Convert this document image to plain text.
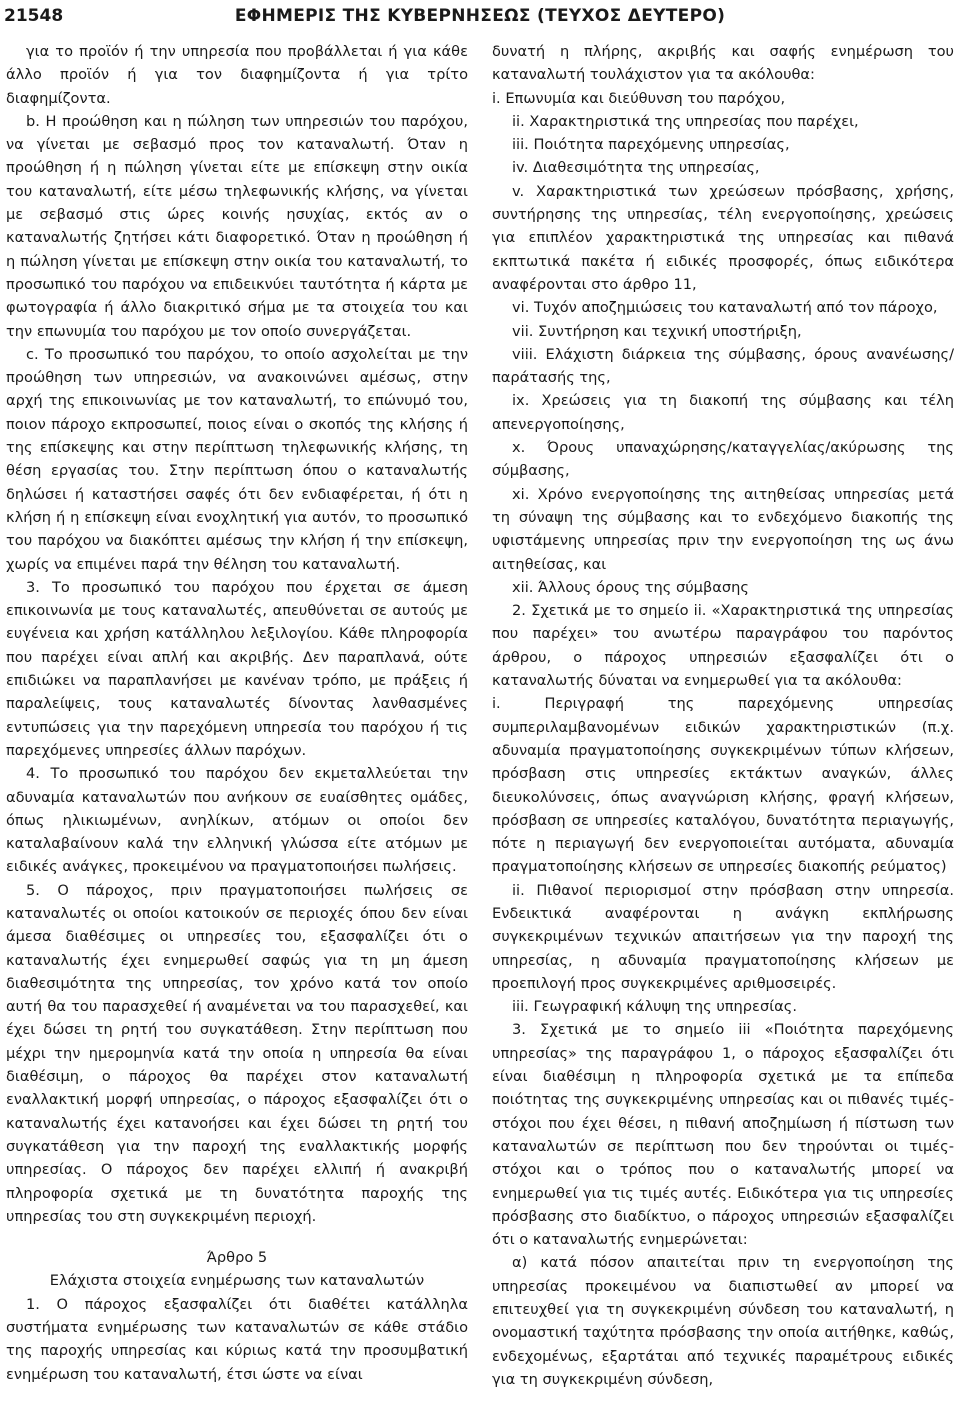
21548	ΕΦΗΜΕΡΙΣ ΤΗΣ ΚΥΒΕΡΝΗΣΕΩΣ (ΤΕΥΧΟΣ ΔΕΥΤΕΡΟ)

για το προϊόν ή την υπηρεσία που προβάλλεται ή για κάθε άλλο προϊόν ή για τον διαφημίζοντα ή για τρίτο διαφημίζοντα.

b. Η προώθηση και η πώληση των υπηρεσιών του παρόχου, να γίνεται με σεβασμό προς τον καταναλωτή. Όταν η προώθηση ή η πώληση γίνεται είτε με επίσκεψη στην οικία του καταναλωτή, είτε μέσω τηλεφωνικής κλήσης, να γίνεται με σεβασμό στις ώρες κοινής ησυχίας, εκτός αν ο καταναλωτής ζητήσει κάτι διαφορετικό. Όταν η προώθηση ή η πώληση γίνεται με επίσκεψη στην οικία του καταναλωτή, το προσωπικό του παρόχου να επιδεικνύει ταυτότητα ή κάρτα με φωτογραφία ή άλλο διακριτικό σήμα με τα στοιχεία του και την επωνυμία του παρόχου με τον οποίο συνεργάζεται.

c. Το προσωπικό του παρόχου, το οποίο ασχολείται με την προώθηση των υπηρεσιών, να ανακοινώνει αμέσως, στην αρχή της επικοινωνίας με τον καταναλωτή, το επώνυμό του, ποιον πάροχο εκπροσωπεί, ποιος είναι ο σκοπός της κλήσης ή της επίσκεψης και στην περίπτωση τηλεφωνικής κλήσης, τη θέση εργασίας του. Στην περίπτωση όπου ο καταναλωτής δηλώσει ή καταστήσει σαφές ότι δεν ενδιαφέρεται, ή ότι η κλήση ή η επίσκεψη είναι ενοχλητική για αυτόν, το προσωπικό του παρόχου να διακόπτει αμέσως την κλήση ή την επίσκεψη, χωρίς να επιμένει παρά την θέληση του καταναλωτή.

3. Το προσωπικό του παρόχου που έρχεται σε άμεση επικοινωνία με τους καταναλωτές, απευθύνεται σε αυτούς με ευγένεια και χρήση κατάλληλου λεξιλογίου. Κάθε πληροφορία που παρέχει είναι απλή και ακριβής. Δεν παραπλανά, ούτε επιδιώκει να παραπλανήσει με κανέναν τρόπο, με πράξεις ή παραλείψεις, τους καταναλωτές δίνοντας λανθασμένες εντυπώσεις για την παρεχόμενη υπηρεσία του παρόχου ή τις παρεχόμενες υπηρεσίες άλλων παρόχων.

4. Το προσωπικό του παρόχου δεν εκμεταλλεύεται την αδυναμία καταναλωτών που ανήκουν σε ευαίσθητες ομάδες, όπως ηλικιωμένων, ανηλίκων, ατόμων οι οποίοι δεν καταλαβαίνουν καλά την ελληνική γλώσσα είτε ατόμων με ειδικές ανάγκες, προκειμένου να πραγματοποιήσει πωλήσεις.

5. Ο πάροχος, πριν πραγματοποιήσει πωλήσεις σε καταναλωτές οι οποίοι κατοικούν σε περιοχές όπου δεν είναι άμεσα διαθέσιμες οι υπηρεσίες του, εξασφαλίζει ότι ο καταναλωτής έχει ενημερωθεί σαφώς για τη μη άμεση διαθεσιμότητα της υπηρεσίας, τον χρόνο κατά τον οποίο αυτή θα του παρασχεθεί ή αναμένεται να του παρασχεθεί, και έχει δώσει τη ρητή του συγκατάθεση. Στην περίπτωση που μέχρι την ημερομηνία κατά την οποία η υπηρεσία θα είναι διαθέσιμη, ο πάροχος θα παρέχει στον καταναλωτή εναλλακτική μορφή υπηρεσίας, ο πάροχος εξασφαλίζει ότι ο καταναλωτής έχει κατανοήσει και έχει δώσει τη ρητή του συγκατάθεση για την παροχή της εναλλακτικής μορφής υπηρεσίας. Ο πάροχος δεν παρέχει ελλιπή ή ανακριβή πληροφορία σχετικά με τη δυνατότητα παροχής της υπηρεσίας του στη συγκεκριμένη περιοχή.

Άρθρο 5

Ελάχιστα στοιχεία ενημέρωσης των καταναλωτών

1. Ο πάροχος εξασφαλίζει ότι διαθέτει κατάλληλα συστήματα ενημέρωσης των καταναλωτών σε κάθε στάδιο της παροχής υπηρεσίας και κύριως κατά την προσυμβατική ενημέρωση του καταναλωτή, έτσι ώστε να είναι

δυνατή η πλήρης, ακριβής και σαφής ενημέρωση του καταναλωτή τουλάχιστον για τα ακόλουθα:

i. Επωνυμία και διεύθυνση του παρόχου,

ii. Χαρακτηριστικά της υπηρεσίας που παρέχει,

iii. Ποιότητα παρεχόμενης υπηρεσίας,

iv. Διαθεσιμότητα της υπηρεσίας,

v. Χαρακτηριστικά των χρεώσεων πρόσβασης, χρήσης, συντήρησης της υπηρεσίας, τέλη ενεργοποίησης, χρεώσεις για επιπλέον χαρακτηριστικά της υπηρεσίας και πιθανά εκπτωτικά πακέτα ή ειδικές προσφορές, όπως ειδικότερα αναφέρονται στο άρθρο 11,

vi. Τυχόν αποζημιώσεις του καταναλωτή από τον πάροχο,

vii. Συντήρηση και τεχνική υποστήριξη,

viii. Ελάχιστη διάρκεια της σύμβασης, όρους ανανέωσης/παράτασής της,

ix. Χρεώσεις για τη διακοπή της σύμβασης και τέλη απενεργοποίησης,

x. Όρους υπαναχώρησης/καταγγελίας/ακύρωσης της σύμβασης,

xi. Χρόνο ενεργοποίησης της αιτηθείσας υπηρεσίας μετά τη σύναψη της σύμβασης και το ενδεχόμενο διακοπής της υφιστάμενης υπηρεσίας πριν την ενεργοποίηση της ως άνω αιτηθείσας, και

xii. Άλλους όρους της σύμβασης

2. Σχετικά με το σημείο ii. «Χαρακτηριστικά της υπηρεσίας που παρέχει» του ανωτέρω παραγράφου του παρόντος άρθρου, ο πάροχος υπηρεσιών εξασφαλίζει ότι ο καταναλωτής δύναται να ενημερωθεί για τα ακόλουθα:

i. Περιγραφή της παρεχόμενης υπηρεσίας συμπεριλαμβανομένων ειδικών χαρακτηριστικών (π.χ. αδυναμία πραγματοποίησης συγκεκριμένων τύπων κλήσεων, πρόσβαση στις υπηρεσίες εκτάκτων αναγκών, άλλες διευκολύνσεις, όπως αναγνώριση κλήσης, φραγή κλήσεων, πρόσβαση σε υπηρεσίες καταλόγου, δυνατότητα περιαγωγής, πότε η περιαγωγή δεν ενεργοποιείται αυτόματα, αδυναμία πραγματοποίησης κλήσεων σε υπηρεσίες διακοπής ρεύματος)

ii. Πιθανοί περιορισμοί στην πρόσβαση στην υπηρεσία. Ενδεικτικά αναφέρονται η ανάγκη εκπλήρωσης συγκεκριμένων τεχνικών απαιτήσεων για την παροχή της υπηρεσίας, η αδυναμία πραγματοποίησης κλήσεων με προεπιλογή προς συγκεκριμένες αριθμοσειρές.

iii. Γεωγραφική κάλυψη της υπηρεσίας.

3. Σχετικά με το σημείο iii «Ποιότητα παρεχόμενης υπηρεσίας» της παραγράφου 1, ο πάροχος εξασφαλίζει ότι είναι διαθέσιμη η πληροφορία σχετικά με τα επίπεδα ποιότητας της συγκεκριμένης υπηρεσίας και οι πιθανές τιμές-στόχοι που έχει θέσει, η πιθανή αποζημίωση ή πίστωση των καταναλωτών σε περίπτωση που δεν τηρούνται οι τιμές-στόχοι και ο τρόπος που ο καταναλωτής μπορεί να ενημερωθεί για τις τιμές αυτές. Ειδικότερα για τις υπηρεσίες πρόσβασης στο διαδίκτυο, ο πάροχος υπηρεσιών εξασφαλίζει ότι ο καταναλωτής ενημερώνεται:

α) κατά πόσον απαιτείται πριν τη ενεργοποίηση της υπηρεσίας προκειμένου να διαπιστωθεί αν μπορεί να επιτευχθεί για τη συγκεκριμένη σύνδεση του καταναλωτή, η ονομαστική ταχύτητα πρόσβασης την οποία αιτήθηκε, καθώς, ενδεχομένως, εξαρτάται από τεχνικές παραμέτρους ειδικές για τη συγκεκριμένη σύνδεση,
